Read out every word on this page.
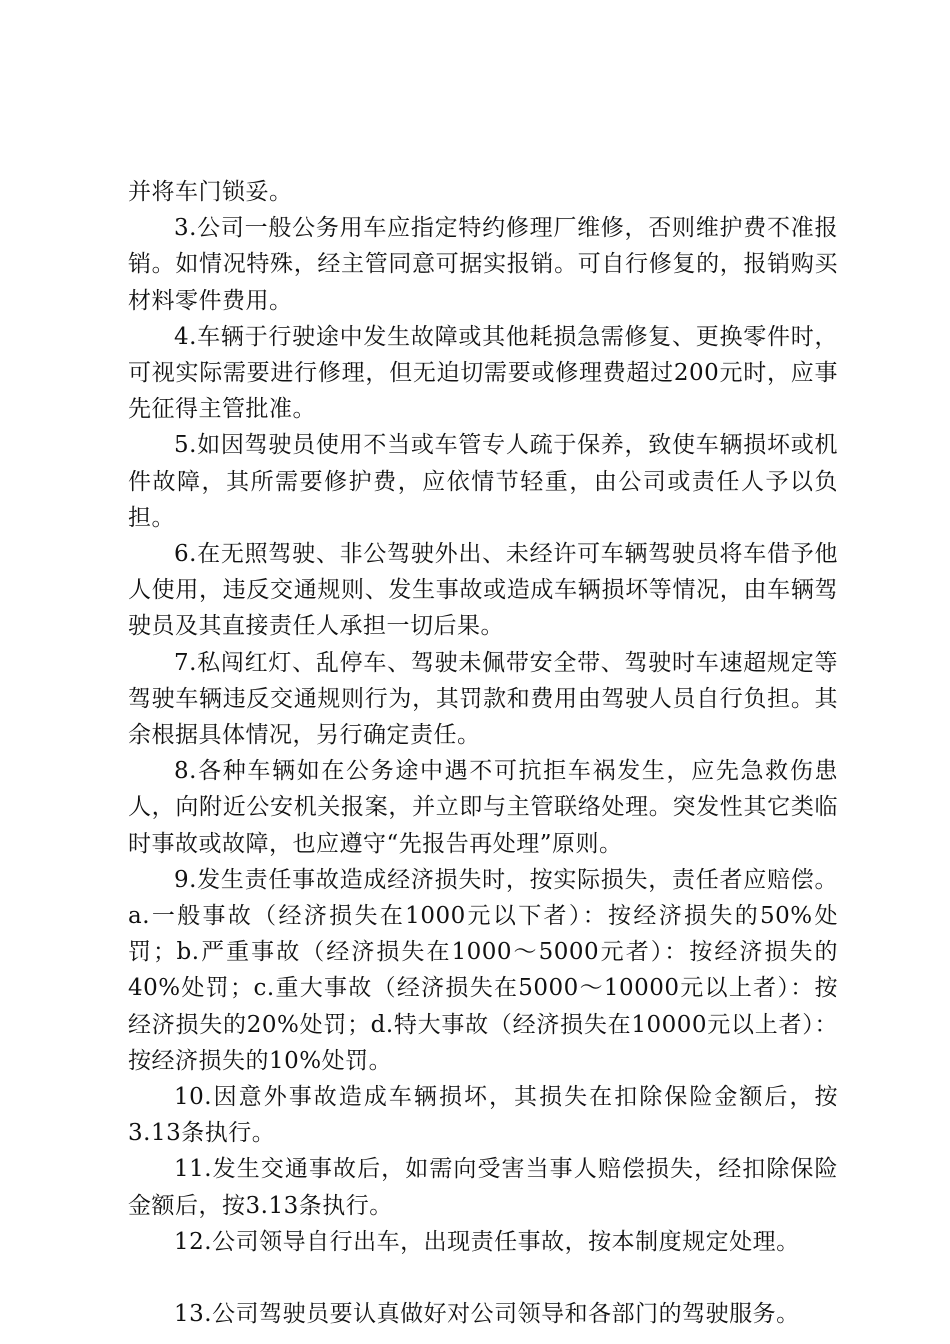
并将车门锁妥。

3.公司一般公务用车应指定特约修理厂维修，否则维护费不准报销。如情况特殊，经主管同意可据实报销。可自行修复的，报销购买材料零件费用。

4.车辆于行驶途中发生故障或其他耗损急需修复、更换零件时，可视实际需要进行修理，但无迫切需要或修理费超过200元时，应事先征得主管批准。

5.如因驾驶员使用不当或车管专人疏于保养，致使车辆损坏或机件故障，其所需要修护费，应依情节轻重，由公司或责任人予以负担。

6.在无照驾驶、非公驾驶外出、未经许可车辆驾驶员将车借予他人使用，违反交通规则、发生事故或造成车辆损坏等情况，由车辆驾驶员及其直接责任人承担一切后果。

7.私闯红灯、乱停车、驾驶未佩带安全带、驾驶时车速超规定等驾驶车辆违反交通规则行为，其罚款和费用由驾驶人员自行负担。其余根据具体情况，另行确定责任。

8.各种车辆如在公务途中遇不可抗拒车祸发生，应先急救伤患人，向附近公安机关报案，并立即与主管联络处理。突发性其它类临时事故或故障，也应遵守“先报告再处理”原则。

9.发生责任事故造成经济损失时，按实际损失，责任者应赔偿。a.一般事故（经济损失在1000元以下者）：按经济损失的50%处罚；b.严重事故（经济损失在1000～5000元者）：按经济损失的40%处罚；c.重大事故（经济损失在5000～10000元以上者）：按经济损失的20%处罚；d.特大事故（经济损失在10000元以上者）：按经济损失的10%处罚。

10.因意外事故造成车辆损坏，其损失在扣除保险金额后，按3.13条执行。

11.发生交通事故后，如需向受害当事人赔偿损失，经扣除保险金额后，按3.13条执行。

12.公司领导自行出车，出现责任事故，按本制度规定处理。

13.公司驾驶员要认真做好对公司领导和各部门的驾驶服务。
